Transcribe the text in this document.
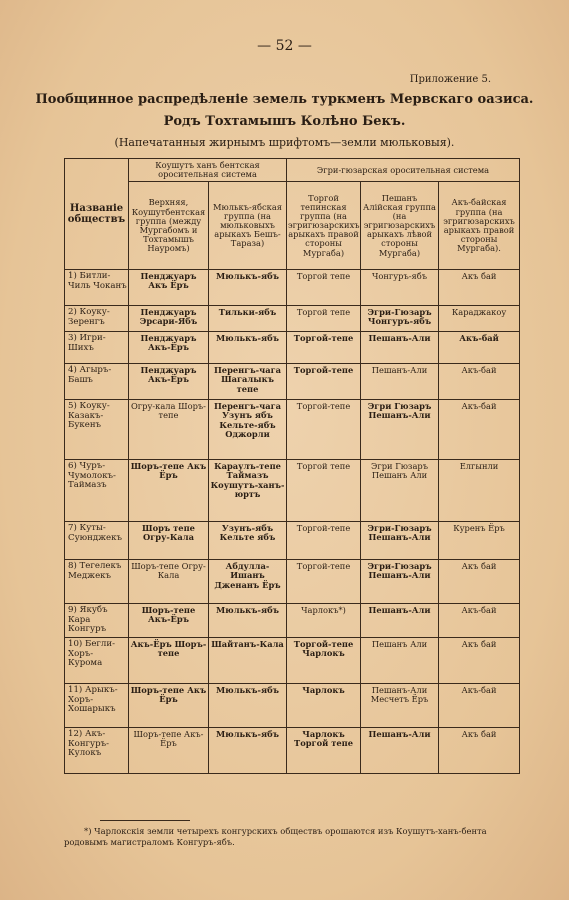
— 52 —
Приложение 5.
Пообщинное распредѣленіе земель туркменъ Мервскаго оазиса.
Родъ Тохтамышъ Колѣно Бекъ.
(Напечатанныя жирнымъ шрифтомъ—земли мюльковыя).
Названіе обществъ	Коушутъ ханъ бентская оросительная система		Эгри-гюзарская оросительная система		
	Верхняя, Коушутбентская группа (между Мургабомъ и Тохтамышъ Науромъ)	Мюлькъ-ябская группа (на мюльковыхъ арыкахъ Бешъ-Тараза)	Торгой тепинская группа (на эгригюзарскихъ арыкахъ правой стороны Мургаба)	Пешанъ Алійская группа (на эгригюзарскихъ арыкахъ лѣвой стороны Мургаба)	Акъ-байская группа (на эгригюзарскихъ арыкахъ правой стороны Мургаба).
1) Битли-Чиль Чоканъ	Пенджуаръ Акъ Ёръ	Мюлькъ-ябъ	Торгой тепе	Чонгуръ-ябъ	Акъ бай
2) Коуку-Зеренгъ	Пенджуаръ Эрсари-Ябъ	Тильки-ябъ	Торгой тепе	Эгри-Гюзаръ Чонгуръ-ябъ	Караджакоу
3) Игри-Шихъ	Пенджуаръ Акъ-Ёръ	Мюлькъ-ябъ	Торгой-тепе	Пешанъ-Али	Акъ-бай
4) Агыръ-Башъ	Пенджуаръ Акъ-Ёръ	Перенгъ-чага Шагалыкъ тепе	Торгой-тепе	Пешанъ-Али	Акъ-бай
5) Коуку-Казакъ-Букенъ	Огру-кала Шоръ-тепе	Перенгъ-чага Узунъ ябъ Кельте-ябъ Оджорли	Торгой-тепе	Эгри Гюзаръ Пешанъ-Али	Акъ-бай
6) Чуръ-Чумолокъ-Таймазъ	Шоръ-тепе Акъ Ёръ	Караулъ-тепе Таймазъ Коушутъ-ханъ-юртъ	Торгой тепе	Эгри Гюзаръ Пешанъ Али	Елгынли
7) Куты-Суюнджекъ	Шоръ тепе Огру-Кала	Узунъ-ябъ Кельте ябъ	Торгой-тепе	Эгри-Гюзаръ Пешанъ-Али	Куренъ Ёръ
8) Тегелекъ Меджекъ	Шоръ-тепе Огру-Кала	Абдулла-Ишанъ Дженанъ Ёръ	Торгой-тепе	Эгри-Гюзаръ Пешанъ-Али	Акъ бай
9) Якубъ Кара Конгуръ	Шоръ-тепе Акъ-Ёръ	Мюлькъ-ябъ	Чарлокъ*)	Пешанъ-Али	Акъ-бай
10) Бегли-Хоръ-Курома	Акъ-Ёръ Шоръ-тепе	Шайтанъ-Кала	Торгой-тепе Чарлокъ	Пешанъ Али	Акъ бай
11) Арыкъ-Хоръ-Хошарыкъ	Шоръ-тепе Акъ Ёръ	Мюлькъ-ябъ	Чарлокъ	Пешанъ-Али Месчетъ Ёръ	Акъ-бай
12) Акъ-Конгуръ-Кулокъ	Шоръ-тепе Акъ-Ёръ	Мюлькъ-ябъ	Чарлокъ Торгой тепе	Пешанъ-Али	Акъ бай
*) Чарлокскія земли четырехъ конгурскихъ обществъ орошаются изъ Коушутъ-ханъ-бента родовымъ магистраломъ Конгуръ-ябъ.
